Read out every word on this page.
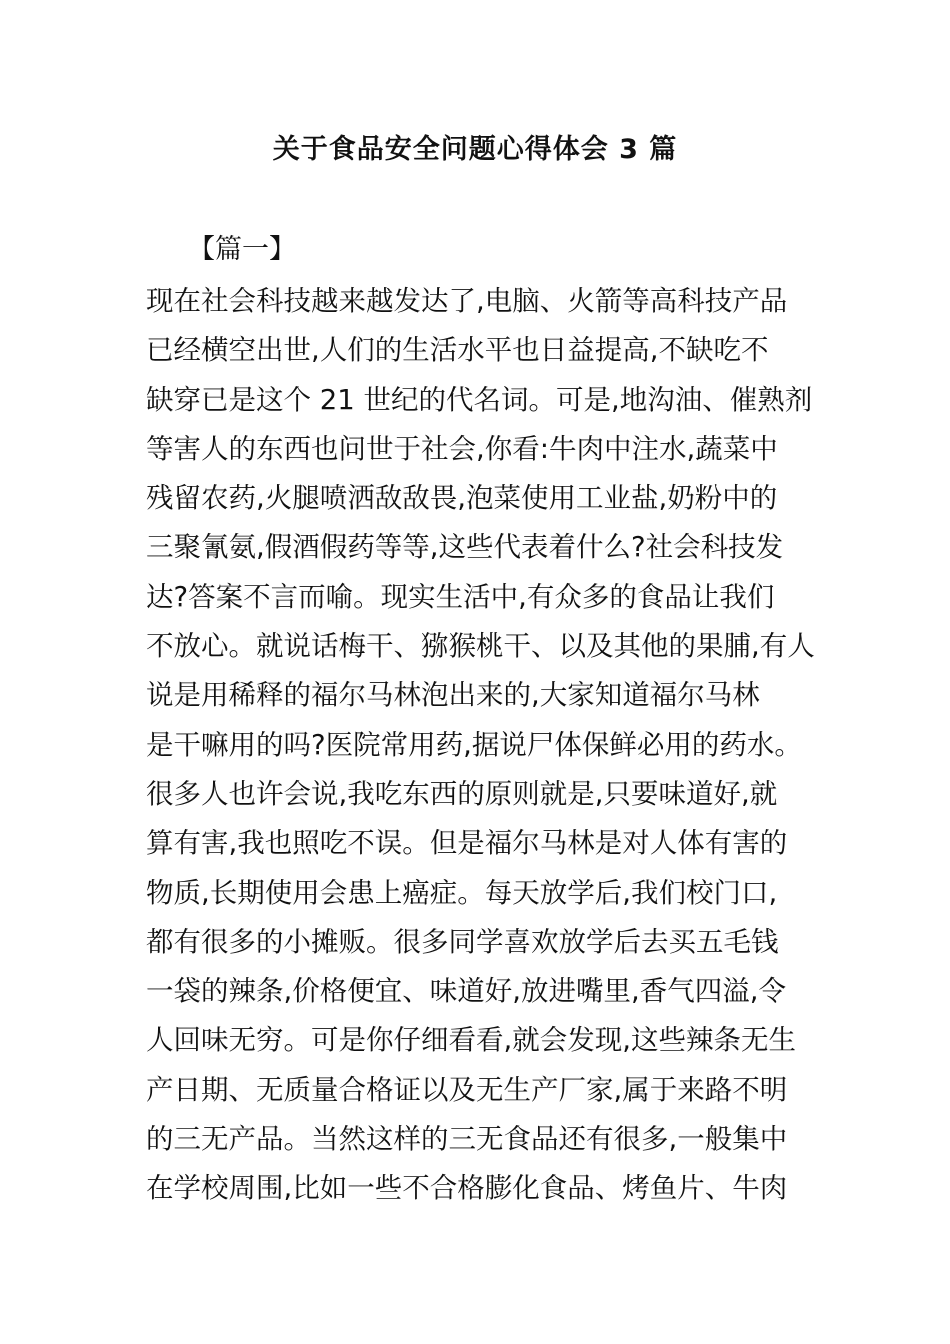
关于食品安全问题心得体会 3 篇
【篇一】
现在社会科技越来越发达了,电脑、火箭等高科技产品
已经横空出世,人们的生活水平也日益提高,不缺吃不
缺穿已是这个 21 世纪的代名词。可是,地沟油、催熟剂
等害人的东西也问世于社会,你看:牛肉中注水,蔬菜中
残留农药,火腿喷洒敌敌畏,泡菜使用工业盐,奶粉中的
三聚氰氨,假酒假药等等,这些代表着什么?社会科技发
达?答案不言而喻。现实生活中,有众多的食品让我们
不放心。就说话梅干、猕猴桃干、以及其他的果脯,有人
说是用稀释的福尔马林泡出来的,大家知道福尔马林
是干嘛用的吗?医院常用药,据说尸体保鲜必用的药水。
很多人也许会说,我吃东西的原则就是,只要味道好,就
算有害,我也照吃不误。但是福尔马林是对人体有害的
物质,长期使用会患上癌症。每天放学后,我们校门口,
都有很多的小摊贩。很多同学喜欢放学后去买五毛钱
一袋的辣条,价格便宜、味道好,放进嘴里,香气四溢,令
人回味无穷。可是你仔细看看,就会发现,这些辣条无生
产日期、无质量合格证以及无生产厂家,属于来路不明
的三无产品。当然这样的三无食品还有很多,一般集中
在学校周围,比如一些不合格膨化食品、烤鱼片、牛肉
